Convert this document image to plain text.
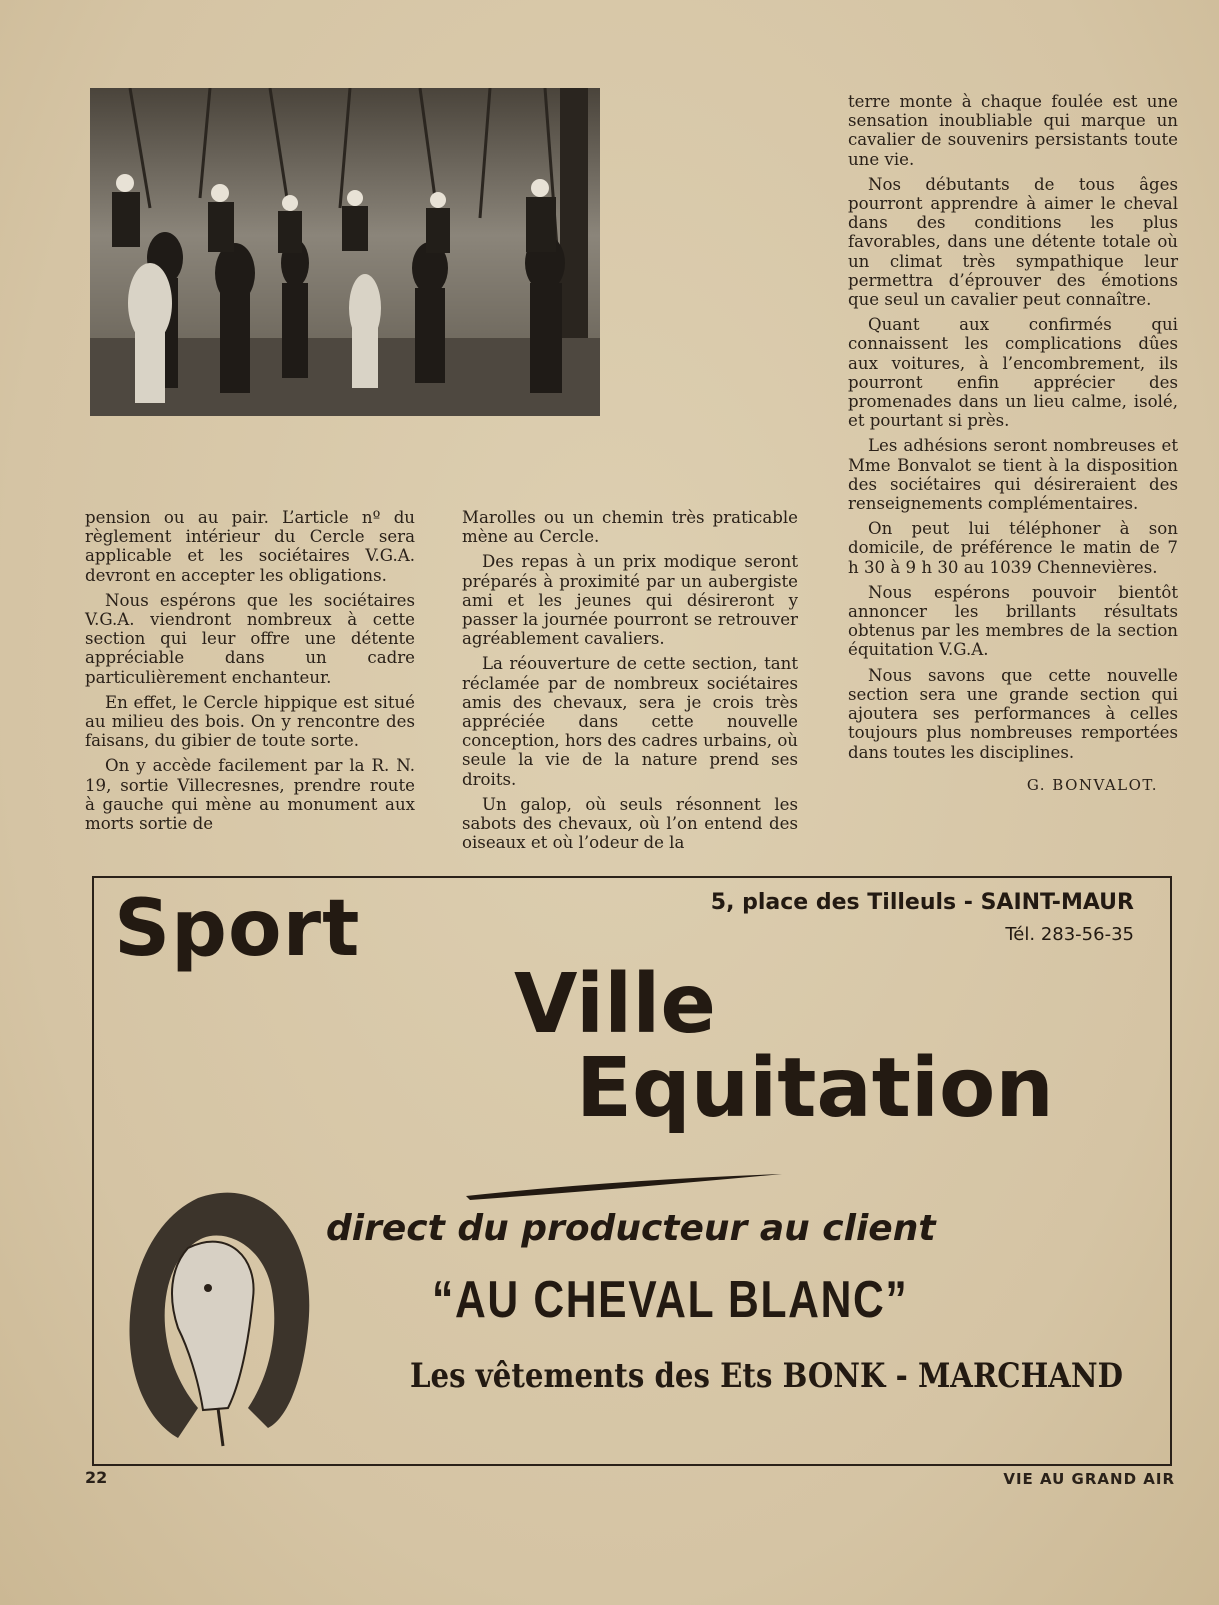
pension ou au pair. L’article nº du règlement intérieur du Cercle sera applicable et les sociétaires V.G.A. devront en accepter les obligations.

Nous espérons que les sociétaires V.G.A. viendront nombreux à cette section qui leur offre une détente appréciable dans un cadre particulièrement enchanteur.

En effet, le Cercle hippique est situé au milieu des bois. On y rencontre des faisans, du gibier de toute sorte.

On y accède facilement par la R. N. 19, sortie Villecresnes, prendre route à gauche qui mène au monument aux morts sortie de

Marolles ou un chemin très praticable mène au Cercle.

Des repas à un prix modique seront préparés à proximité par un aubergiste ami et les jeunes qui désireront y passer la journée pourront se retrouver agréablement cavaliers.

La réouverture de cette section, tant réclamée par de nombreux sociétaires amis des chevaux, sera je crois très appréciée dans cette nouvelle conception, hors des cadres urbains, où seule la vie de la nature prend ses droits.

Un galop, où seuls résonnent les sabots des chevaux, où l’on entend des oiseaux et où l’odeur de la

terre monte à chaque foulée est une sensation inoubliable qui marque un cavalier de souvenirs persistants toute une vie.

Nos débutants de tous âges pourront apprendre à aimer le cheval dans des conditions les plus favorables, dans une détente totale où un climat très sympathique leur permettra d’éprouver des émotions que seul un cavalier peut connaître.

Quant aux confirmés qui connaissent les complications dûes aux voitures, à l’encombrement, ils pourront enfin apprécier des promenades dans un lieu calme, isolé, et pourtant si près.

Les adhésions seront nombreuses et Mme Bonvalot se tient à la disposition des sociétaires qui désireraient des renseignements complémentaires.

On peut lui téléphoner à son domicile, de préférence le matin de 7 h 30 à 9 h 30 au 1039 Chennevières.

Nous espérons pouvoir bientôt annoncer les brillants résultats obtenus par les membres de la section équitation V.G.A.

Nous savons que cette nouvelle section sera une grande section qui ajoutera ses performances à celles toujours plus nombreuses remportées dans toutes les disciplines.

G. BONVALOT.
Sport	5, place des Tilleuls - SAINT-MAUR
Tél. 283-56-35
Ville
Equitation
direct du producteur au client
“AU CHEVAL BLANC”
Les vêtements des Ets BONK - MARCHAND
22	VIE AU GRAND AIR
